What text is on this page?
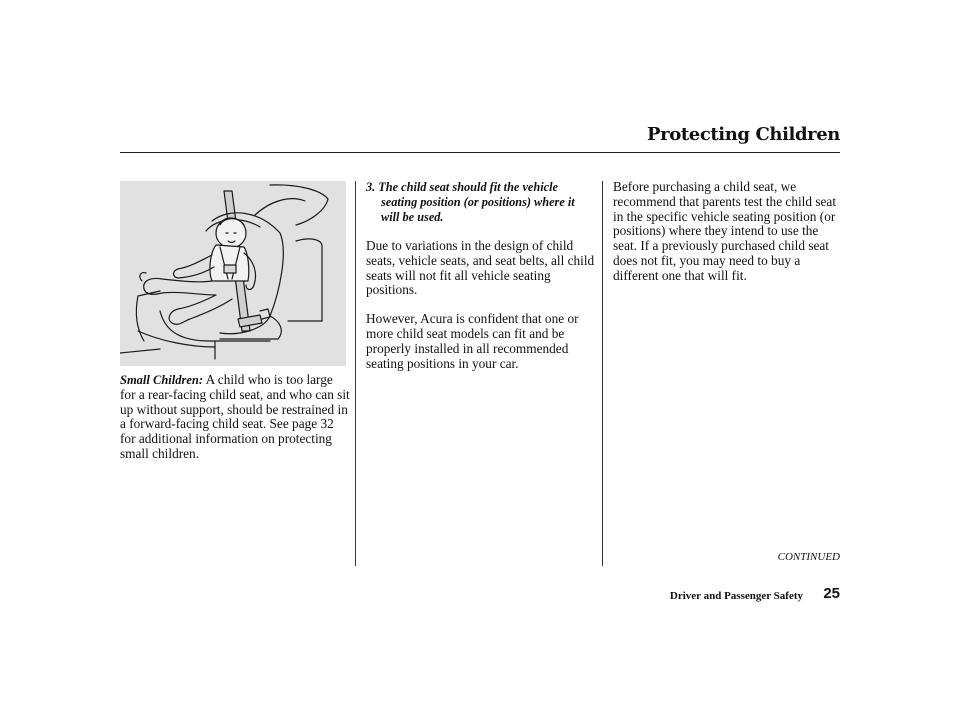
Protecting Children
Small Children: A child who is too large for a rear-facing child seat, and who can sit up without support, should be restrained in a forward-facing child seat. See page 32 for additional information on protecting small children.

3. The child seat should fit the vehicle seating position (or positions) where it will be used.

Due to variations in the design of child seats, vehicle seats, and seat belts, all child seats will not fit all vehicle seating positions.

However, Acura is confident that one or more child seat models can fit and be properly installed in all recommended seating positions in your car.

Before purchasing a child seat, we recommend that parents test the child seat in the specific vehicle seating position (or positions) where they intend to use the seat. If a previously purchased child seat does not fit, you may need to buy a different one that will fit.

CONTINUED
Driver and Passenger Safety	25
